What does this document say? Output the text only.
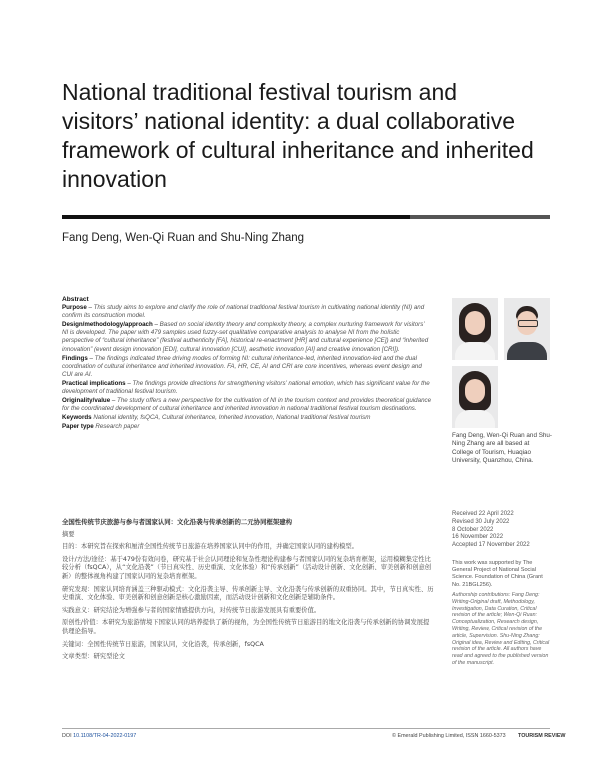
National traditional festival tourism and visitors’ national identity: a dual collaborative framework of cultural inheritance and inherited innovation
Fang Deng, Wen-Qi Ruan and Shu-Ning Zhang
Abstract
Purpose – This study aims to explore and clarify the role of national traditional festival tourism in cultivating national identity (NI) and confirm its construction model.
Design/methodology/approach – Based on social identity theory and complexity theory, a complex nurturing framework for visitors’ NI is developed. The paper with 479 samples used fuzzy-set qualitative comparative analysis to analyse NI from the holistic perspective of “cultural inheritance” (festival authenticity [FA], historical re-enactment [HR] and cultural experience [CE]) and “inherited innovation” (event design innovation [EDI], cultural innovation [CUI], aesthetic innovation [AI] and creative innovation [CRI]).
Findings – The findings indicated three driving modes of forming NI: cultural inheritance-led, inherited innovation-led and the dual coordination of cultural inheritance and inherited innovation. FA, HR, CE, AI and CRI are core incentives, whereas event design and CUI are AI.
Practical implications – The findings provide directions for strengthening visitors’ national emotion, which has significant value for the development of traditional festival tourism.
Originality/value – The study offers a new perspective for the cultivation of NI in the tourism context and provides theoretical guidance for the coordinated development of cultural inheritance and inherited innovation in national traditional festival tourism destinations.
Keywords National identity, fsQCA, Cultural inheritance, Inherited innovation, National traditional festival tourism
Paper type Research paper
Fang Deng, Wen-Qi Ruan and Shu-Ning Zhang are all based at College of Tourism, Huaqiao University, Quanzhou, China.
Received 22 April 2022
Revised 30 July 2022
8 October 2022
16 November 2022
Accepted 17 November 2022
This work was supported by The General Project of National Social Science. Foundation of China (Grant No. 21BGL256).
Authorship contributions: Fang Deng: Writing-Original draft, Methodology, Investigation, Data Curation, Critical revision of the article; Wen-Qi Ruan: Conceptualization, Research design, Writing, Review, Critical revision of the article, Supervision. Shu-Ning Zhang: Original idea, Review and Editing, Critical revision of the article. All authors have read and agreed to the published version of the manuscript.
全国性传统节庆旅游与参与者国家认同：文化沿袭与传承创新的二元协同框架建构
摘要
目的：本研究旨在探索和厘清全国性传统节日旅游在培养国家认同中的作用，并确定国家认同的建构模型。
设计/方法/途径：基于479份有效问卷，研究基于社会认同理论和复杂性理论构建参与者国家认同的复杂培育框架，运用模糊集定性比较分析（fsQCA），从“文化沿袭”（节日真实性、历史重演、文化体验）和“传承创新”（活动设计创新、文化创新、审美创新和创意创新）的整体视角构建了国家认同的复杂培育框架。
研究发现：国家认同培育涵盖三种驱动模式：文化沿袭主导、传承创新主导、文化沿袭与传承创新的双重协同。其中，节日真实性、历史重演、文化体验、审美创新和创意创新是核心激励因素，而活动设计创新和文化创新是辅助条件。
实践意义：研究结论为增强参与者的国家情感提供方向，对传统节日旅游发展具有重要价值。
原创性/价值：本研究为旅游情境下国家认同的培养提供了新的视角，为全国性传统节日旅游目的地文化沿袭与传承创新的协调发展提供理论指导。
关键词：全国性传统节日旅游，国家认同，文化沿袭，传承创新，fsQCA
文章类型：研究型论文
DOI 10.1108/TR-04-2022-0197	© Emerald Publishing Limited, ISSN 1660-5373 TOURISM REVIEW
